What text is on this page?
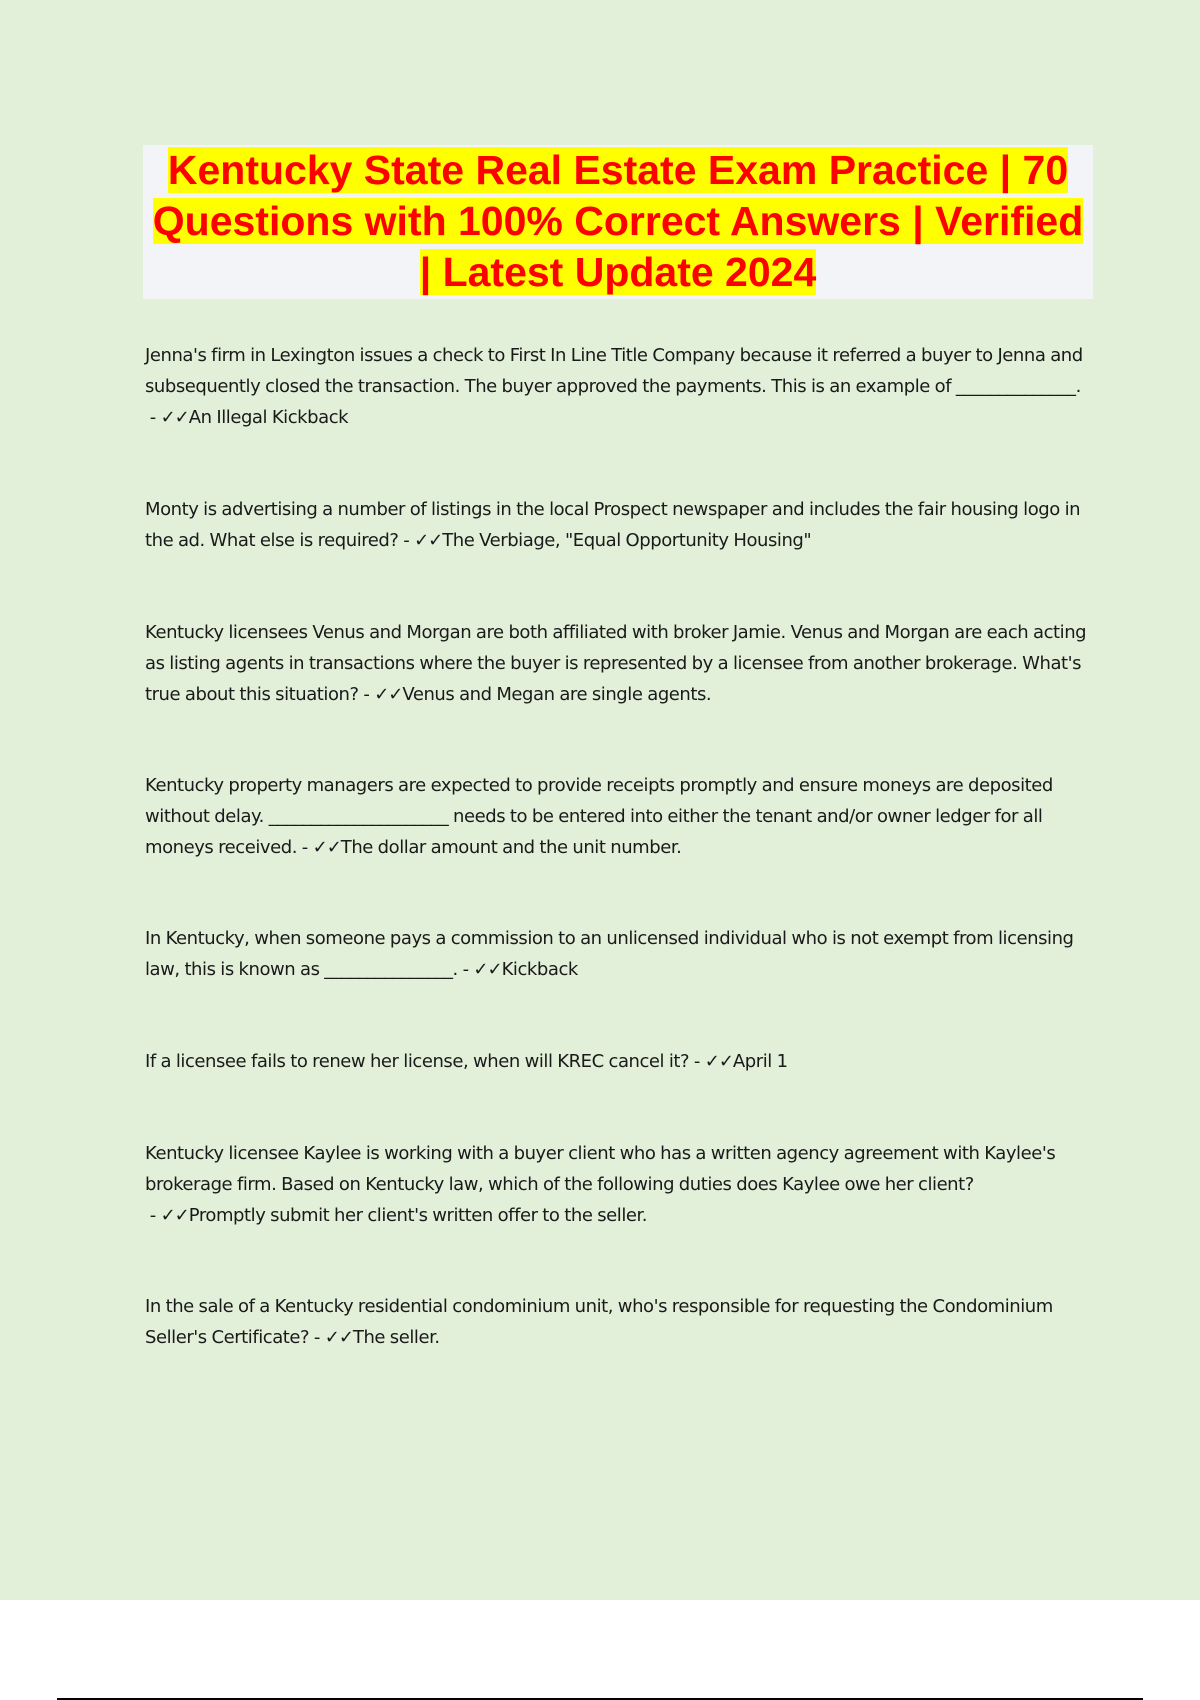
Kentucky State Real Estate Exam Practice | 70 Questions with 100% Correct Answers | Verified | Latest Update 2024

Jenna's firm in Lexington issues a check to First In Line Title Company because it referred a buyer to Jenna and subsequently closed the transaction. The buyer approved the payments. This is an example of ______________. - ✓✓An Illegal Kickback

Monty is advertising a number of listings in the local Prospect newspaper and includes the fair housing logo in the ad. What else is required? - ✓✓The Verbiage, "Equal Opportunity Housing"

Kentucky licensees Venus and Morgan are both affiliated with broker Jamie. Venus and Morgan are each acting as listing agents in transactions where the buyer is represented by a licensee from another brokerage. What's true about this situation? - ✓✓Venus and Megan are single agents.

Kentucky property managers are expected to provide receipts promptly and ensure moneys are deposited without delay. _____________________ needs to be entered into either the tenant and/or owner ledger for all moneys received. - ✓✓The dollar amount and the unit number.

In Kentucky, when someone pays a commission to an unlicensed individual who is not exempt from licensing law, this is known as _______________. - ✓✓Kickback

If a licensee fails to renew her license, when will KREC cancel it? - ✓✓April 1

Kentucky licensee Kaylee is working with a buyer client who has a written agency agreement with Kaylee's brokerage firm. Based on Kentucky law, which of the following duties does Kaylee owe her client? - ✓✓Promptly submit her client's written offer to the seller.

In the sale of a Kentucky residential condominium unit, who's responsible for requesting the Condominium Seller's Certificate? - ✓✓The seller.
